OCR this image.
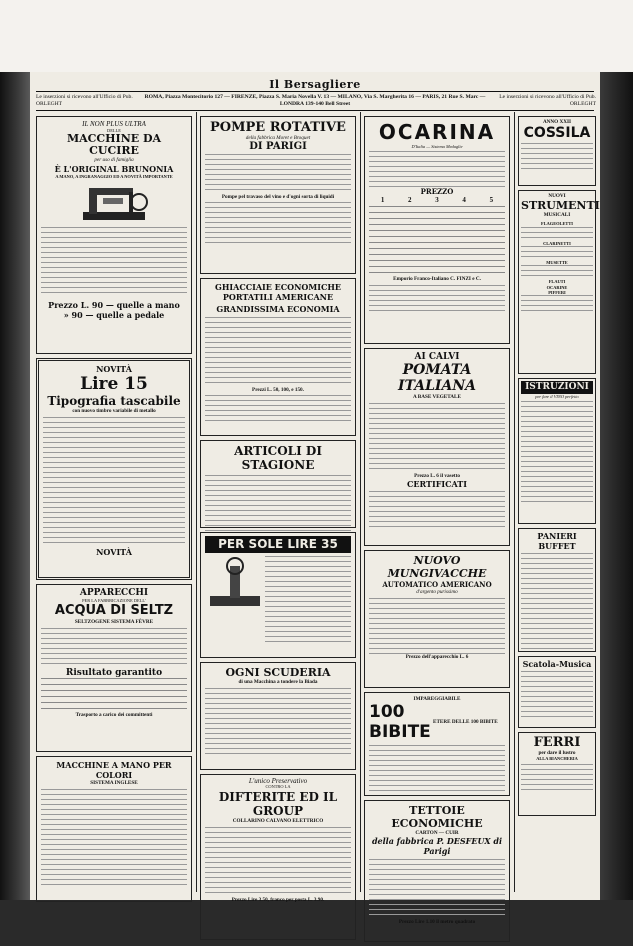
Il Bersagliere
Le inserzioni si ricevono all'Ufficio di Pub. ORLEGHT
ROMA, Piazza Montecitorio 127 — FIRENZE, Piazza S. Maria Novella V. 13 — MILANO, Via S. Margherita 16 — PARIS, 21 Rue S. Marc — LONDRA 139-140 Bell Street
Le inserzioni si ricevono all'Ufficio di Pub. ORLEGHT
IL NON PLUS ULTRA
DELLE
MACCHINE DA CUCIRE
per uso di famiglia
È L'ORIGINAL BRUNONIA
A MANO, A INGRANAGGIO ED A NOVITÀ IMPORTANTE
Prezzo L. 90 — quelle a mano
» 90 — quelle a pedale
NOVITÀ
Lire 15
Tipografia tascabile
con nuovo timbro variabile di metallo
NOVITÀ
APPARECCHI
PER LA FABBRICAZIONE DELL'
ACQUA DI SELTZ
SELTZOGENE SISTEMA FÈVRE
Risultato garantito
Trasporto a carico dei committenti
MACCHINE A MANO PER COLORI
SISTEMA INGLESE
POMPE ROTATIVE
della fabbrica Moret e Broquet
DI PARIGI
Pompe pel travaso del vino e d'ogni sorta di liquidi
GHIACCIAIE ECONOMICHE PORTATILI AMERICANE
GRANDISSIMA ECONOMIA
Prezzi L. 50, 100, e 150.
ARTICOLI DI STAGIONE
PER SOLE LIRE 35
OGNI SCUDERIA
di una Macchina a tondere la Biada
L'unico Preservativo
CONTRO LA
DIFTERITE ED IL GROUP
COLLARINO CALVANO ELETTRICO
Prezzo Lire 3.50, franco per posta L. 3.90.
OCARINA
D'Italia — Sistema Medaglie
PREZZO
1	2	3	4	5
Emporio Franco-Italiano C. FINZI e C.
AI CALVI
POMATA ITALIANA
A BASE VEGETALE
Prezzo L. 6 il vasetto
CERTIFICATI
NUOVO MUNGIVACCHE
AUTOMATICO AMERICANO
d'argento purissimo
Prezzo dell'apparecchio L. 6
IMPAREGGIABILE
100 BIBITE
ETERE DELLE 100 BIBITE
TETTOIE ECONOMICHE
CARTON — CUIR
della fabbrica P. DESFEUX di Parigi
Prezzo Lire 1.10 il metro quadrato
ANNO XXII
COSSILA
NUOVI
STRUMENTI
MUSICALI
FLAGEOLETTI
CLARINETTI
MUSETTE
FLAUTI
OCARINE
PIFFERI
ISTRUZIONI
per fare il VINO perfetto
PANIERI BUFFET
Scatola-Musica
FERRI
per dare il lustro
ALLA BIANCHERIA
